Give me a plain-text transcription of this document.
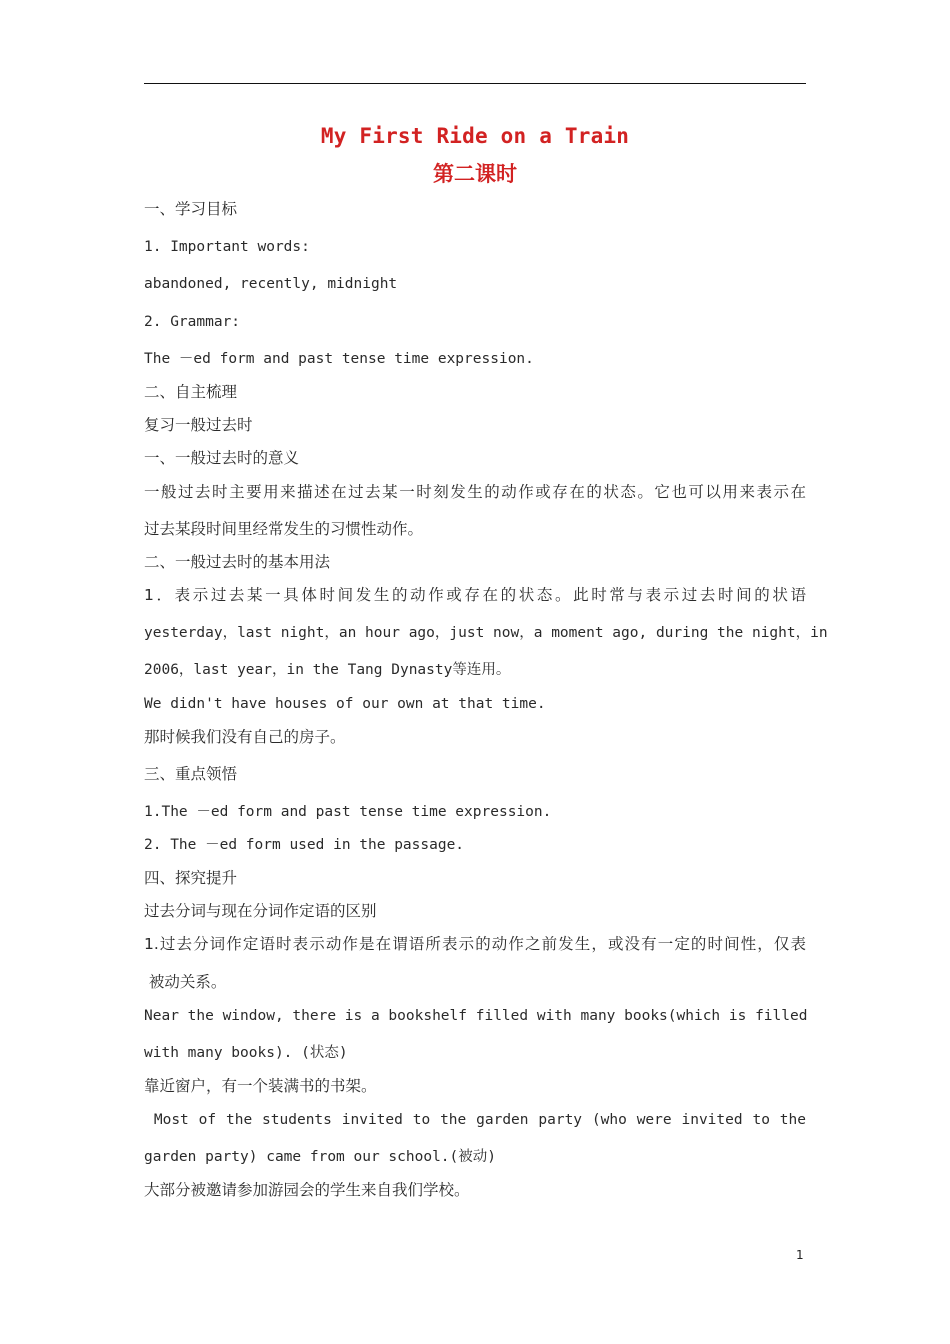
My First Ride on a Train
第二课时
一、学习目标
1. Important words:
abandoned, recently, midnight
2. Grammar:
The －ed form and past tense time expression.
二、自主梳理
复习一般过去时
一、一般过去时的意义
一般过去时主要用来描述在过去某一时刻发生的动作或存在的状态。它也可以用来表示在
过去某段时间里经常发生的习惯性动作。
二、一般过去时的基本用法
1．表示过去某一具体时间发生的动作或存在的状态。此时常与表示过去时间的状语
yesterday，last night，an hour ago，just now，a moment ago, during the night，in
2006，last year，in the Tang Dynasty等连用。
We didn't have houses of our own at that time.
那时候我们没有自己的房子。
三、重点领悟
1.The －ed form and past tense time expression.
2. The －ed form used in the passage.
四、探究提升
过去分词与现在分词作定语的区别
1.过去分词作定语时表示动作是在谓语所表示的动作之前发生，或没有一定的时间性，仅表
被动关系。
Near the window, there is a bookshelf filled with many books(which is filled
with many books). (状态)
靠近窗户，有一个装满书的书架。
Most of the students invited to the garden party (who were invited to the
garden party) came from our school.(被动)
大部分被邀请参加游园会的学生来自我们学校。
1
